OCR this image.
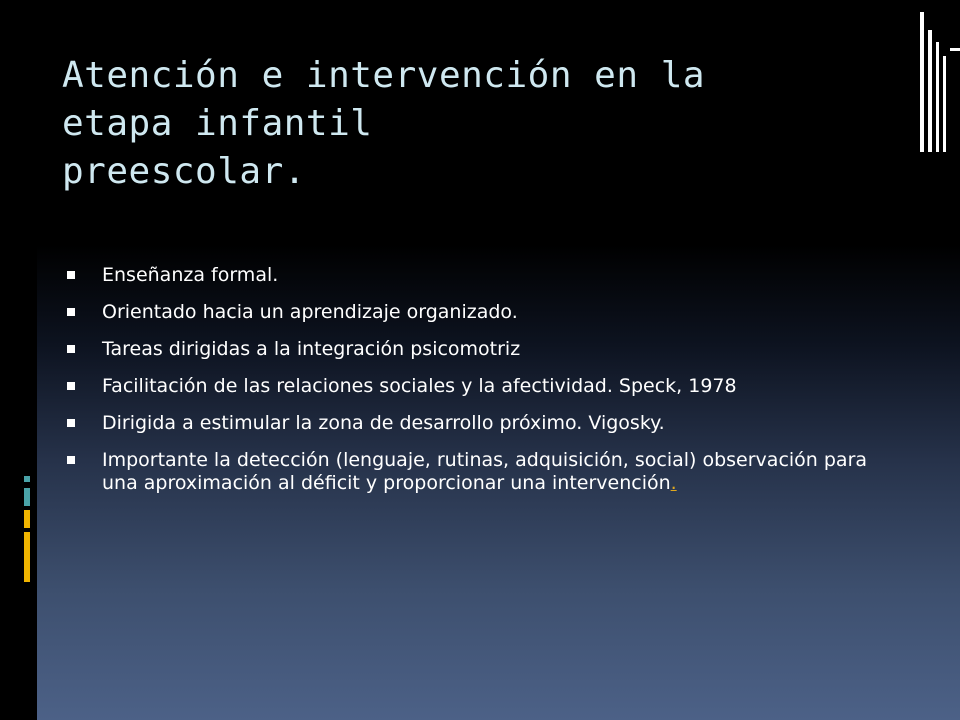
Atención e intervención en la
etapa infantil
preescolar.
Enseñanza formal.
Orientado hacia un aprendizaje organizado.
Tareas dirigidas a la integración psicomotriz
Facilitación de las relaciones sociales y la afectividad. Speck, 1978
Dirigida a estimular la zona de desarrollo próximo. Vigosky.
Importante la detección (lenguaje, rutinas, adquisición, social) observación para una aproximación al déficit y proporcionar una intervención.
